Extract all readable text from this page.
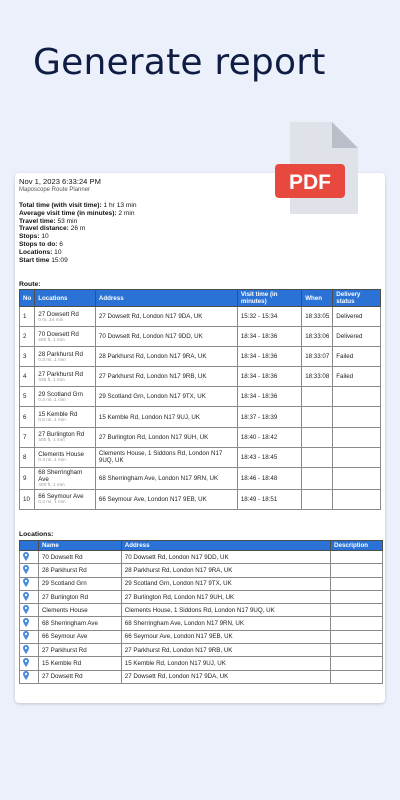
Generate report
Nov 1, 2023 6:33:24 PM
Maposcope Route Planner
Total time (with visit time): 1 hr 13 min
Average visit time (in minutes): 2 min
Travel time: 53 min
Travel distance: 26 m
Stops: 10
Stops to do: 6
Locations: 10
Start time 15:09
Route:
No	Locations	Address	Visit time (in minutes)	When	Delivery status
1	27 Dowsett Rd
0 m, 24 min	27 Dowsett Rd, London N17 9DA, UK	15:32 - 15:34	18:33:05	Delivered
2	70 Dowsett Rd
200 ft, 1 min	70 Dowsett Rd, London N17 9DD, UK	18:34 - 18:36	18:33:06	Delivered
3	28 Parkhurst Rd
0.3 mi, 1 min	28 Parkhurst Rd, London N17 9RA, UK	18:34 - 18:36	18:33:07	Failed
4	27 Parkhurst Rd
335 ft, 1 min	27 Parkhurst Rd, London N17 9RB, UK	18:34 - 18:36	18:33:08	Failed
5	29 Scotland Grn
0.4 mi, 1 min	29 Scotland Grn, London N17 9TX, UK	18:34 - 18:36		
6	15 Kemble Rd
0.5 mi, 1 min	15 Kemble Rd, London N17 9UJ, UK	18:37 - 18:39		
7	27 Burlington Rd
400 ft, 1 min	27 Burlington Rd, London N17 9UH, UK	18:40 - 18:42		
8	Clements House
0.3 mi, 1 min	Clements House, 1 Siddons Rd, London N17 9UQ, UK	18:43 - 18:45		
9	68 Sherringham Ave
400 ft, 1 min	68 Sherringham Ave, London N17 9RN, UK	18:46 - 18:48		
10	66 Seymour Ave
0.3 mi, 1 min	66 Seymour Ave, London N17 9EB, UK	18:49 - 18:51		
Locations:
	Name	Address	Description

	70 Dowsett Rd	70 Dowsett Rd, London N17 9DD, UK	

	28 Parkhurst Rd	28 Parkhurst Rd, London N17 9RA, UK	

	29 Scotland Grn	29 Scotland Grn, London N17 9TX, UK	

	27 Burlington Rd	27 Burlington Rd, London N17 9UH, UK	

	Clements House	Clements House, 1 Siddons Rd, London N17 9UQ, UK	

	68 Sherringham Ave	68 Sherringham Ave, London N17 9RN, UK	

	66 Seymour Ave	66 Seymour Ave, London N17 9EB, UK	

	27 Parkhurst Rd	27 Parkhurst Rd, London N17 9RB, UK	

	15 Kemble Rd	15 Kemble Rd, London N17 9UJ, UK	

	27 Dowsett Rd	27 Dowsett Rd, London N17 9DA, UK	
PDF
